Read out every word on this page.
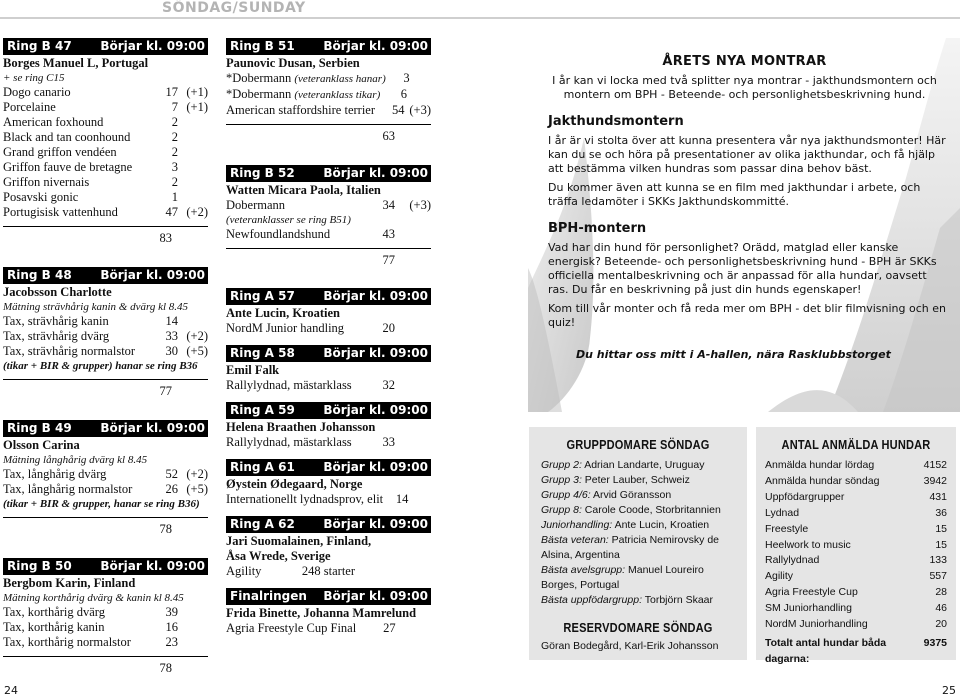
SÖNDAG/SUNDAY
Ring B 47 Börjar kl. 09:00
Borges Manuel L, Portugal
+ se ring C15
Dogo canario	17 (+1)
Porcelaine	7 (+1)
American foxhound	2
Black and tan coonhound	2
Grand griffon vendéen	2
Griffon fauve de bretagne	3
Griffon nivernais	2
Posavski gonic	1
Portugisisk vattenhund	47 (+2)
83
Ring B 48 Börjar kl. 09:00
Jacobsson Charlotte
Mätning strävhårig kanin & dvärg kl 8.45
Tax, strävhårig kanin	14
Tax, strävhårig dvärg	33 (+2)
Tax, strävhårig normalstor	30 (+5)
(tikar + BIR & grupper) hanar se ring B36
77
Ring B 49 Börjar kl. 09:00
Olsson Carina
Mätning långhårig dvärg kl 8.45
Tax, långhårig dvärg	52 (+2)
Tax, långhårig normalstor	26 (+5)
(tikar + BIR & grupper, hanar se ring B36)
78
Ring B 50 Börjar kl. 09:00
Bergbom Karin, Finland
Mätning korthårig dvärg & kanin kl 8.45
Tax, korthårig dvärg	39
Tax, korthårig kanin	16
Tax, korthårig normalstor	23
78
Ring B 51 Börjar kl. 09:00
Paunovic Dusan, Serbien
*Dobermann (veteranklass hanar)	3
*Dobermann (veteranklass tikar)	6
American staffordshire terrier	54 (+3)
63
Ring B 52 Börjar kl. 09:00
Watten Micara Paola, Italien
Dobermann	34	(+3)
(veteranklasser se ring B51)
Newfoundlandshund	43
77
Ring A 57 Börjar kl. 09:00
Ante Lucin, Kroatien
NordM Junior handling	20
Ring A 58 Börjar kl. 09:00
Emil Falk
Rallylydnad, mästarklass	32
Ring A 59 Börjar kl. 09:00
Helena Braathen Johansson
Rallylydnad, mästarklass	33
Ring A 61 Börjar kl. 09:00
Øystein Ødegaard, Norge
Internationellt lydnadsprov, elit	14
Ring A 62 Börjar kl. 09:00
Jari Suomalainen, Finland,
Åsa Wrede, Sverige
Agility	248 starter
Finalringen Börjar kl. 09:00
Frida Binette, Johanna Mamrelund
Agria Freestyle Cup Final	27
ÅRETS NYA MONTRAR
I år kan vi locka med två splitter nya montrar - jakthundsmontern och montern om BPH - Beteende- och personlighetsbeskrivning hund.
Jakthundsmontern
I år är vi stolta över att kunna presentera vår nya jakthundsmonter! Här kan du se och höra på presentationer av olika jakthundar, och få hjälp att bestämma vilken hundras som passar dina behov bäst.
Du kommer även att kunna se en film med jakthundar i arbete, och träffa ledamöter i SKKs Jakthundskommitté.
BPH-montern
Vad har din hund för personlighet? Orädd, matglad eller kanske energisk? Beteende- och personlighetsbeskrivning hund - BPH är SKKs officiella mentalbeskrivning och är anpassad för alla hundar, oavsett ras. Du får en beskrivning på just din hunds egenskaper!
Kom till vår monter och få reda mer om BPH - det blir filmvisning och en quiz!
Du hittar oss mitt i A-hallen, nära Rasklubbstorget
GRUPPDOMARE SÖNDAG
Grupp 2: Adrian Landarte, Uruguay
Grupp 3: Peter Lauber, Schweiz
Grupp 4/6: Arvid Göransson
Grupp 8: Carole Coode, Storbritannien
Juniorhandling: Ante Lucin, Kroatien
Bästa veteran: Patricia Nemirovsky de Alsina, Argentina
Bästa avelsgrupp: Manuel Loureiro Borges, Portugal
Bästa uppfödargrupp: Torbjörn Skaar
RESERVDOMARE SÖNDAG
Göran Bodegård, Karl-Erik Johansson
ANTAL ANMÄLDA HUNDAR
Anmälda hundar lördag	4152
Anmälda hundar söndag	3942
Uppfödargrupper	431
Lydnad	36
Freestyle	15
Heelwork to music	15
Rallylydnad	133
Agility	557
Agria Freestyle Cup	28
SM Juniorhandling	46
NordM Juniorhandling	20
Totalt antal hundar båda dagarna:
9375
24	25
